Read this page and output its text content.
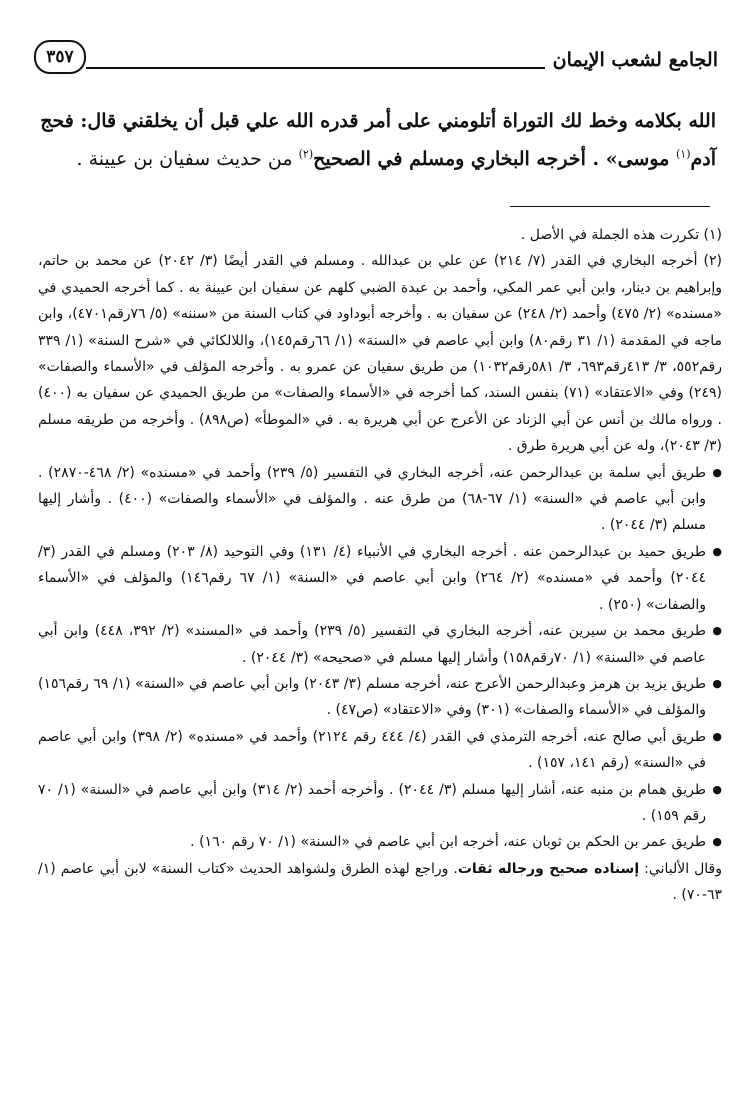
الجامع لشعب الإيمان
٣٥٧
الله بكلامه وخط لك التوراة أتلومني على أمر قدره الله علي قبل أن يخلقني قال: فحج
آدم$^{(١)}$ موسى» . أخرجه البخاري ومسلم في الصحيح$^{(٢)}$ من حديث سفيان بن عيينة .

(١) تكررت هذه الجملة في الأصل .

(٢) أخرجه البخاري في القدر (٧/ ٢١٤) عن علي بن عبدالله . ومسلم في القدر أيضًا (٣/ ٢٠٤٢) عن محمد بن حاتم، وإبراهيم بن دينار، وابن أبي عمر المكي، وأحمد بن عبدة الضبي كلهم عن سفيان ابن عيينة به . كما أخرجه الحميدي في «مسنده» (٢/ ٤٧٥) وأحمد (٢/ ٢٤٨) عن سفيان به . وأخرجه أبوداود في كتاب السنة من «سننه» (٥/ ٧٦رقم٤٧٠١)، وابن ماجه في المقدمة (١/ ٣١ رقم٨٠) وابن أبي عاصم في «السنة» (١/ ٦٦رقم١٤٥)، واللالكائي في «شرح السنة» (١/ ٣٣٩ رقم٥٥٢، ٣/ ٤١٣رقم٦٩٣، ٣/ ٥٨١رقم١٠٣٢) من طريق سفيان عن عمرو به . وأخرجه المؤلف في «الأسماء والصفات» (٢٤٩) وفي «الاعتقاد» (٧١) بنفس السند، كما أخرجه في «الأسماء والصفات» من طريق الحميدي عن سفيان به (٤٠٠) . ورواه مالك بن أنس عن أبي الزناد عن الأعرج عن أبي هريرة به . في «الموطأ» (ص٨٩٨) . وأخرجه من طريقه مسلم (٣/ ٢٠٤٣)، وله عن أبي هريرة طرق .

● طريق أبي سلمة بن عبدالرحمن عنه، أخرجه البخاري في التفسير (٥/ ٢٣٩) وأحمد في «مسنده» (٢/ ٤٦٨-٢٨٧٠) . وابن أبي عاصم في «السنة» (١/ ٦٧-٦٨) من طرق عنه . والمؤلف في «الأسماء والصفات» (٤٠٠) . وأشار إليها مسلم (٣/ ٢٠٤٤) .
● طريق حميد بن عبدالرحمن عنه . أخرجه البخاري في الأنبياء (٤/ ١٣١) وفي التوحيد (٨/ ٢٠٣) ومسلم في القدر (٣/ ٢٠٤٤) وأحمد في «مسنده» (٢/ ٢٦٤) وابن أبي عاصم في «السنة» (١/ ٦٧ رقم١٤٦) والمؤلف في «الأسماء والصفات» (٢٥٠) .
● طريق محمد بن سيرين عنه، أخرجه البخاري في التفسير (٥/ ٢٣٩) وأحمد في «المسند» (٢/ ٣٩٢، ٤٤٨) وابن أبي عاصم في «السنة» (١/ ٧٠رقم١٥٨) وأشار إليها مسلم في «صحيحه» (٣/ ٢٠٤٤) .
● طريق يزيد بن هرمز وعبدالرحمن الأعرج عنه، أخرجه مسلم (٣/ ٢٠٤٣) وابن أبي عاصم في «السنة» (١/ ٦٩ رقم١٥٦) والمؤلف في «الأسماء والصفات» (٣٠١) وفي «الاعتقاد» (ص٤٧) .
● طريق أبي صالح عنه، أخرجه الترمذي في القدر (٤/ ٤٤٤ رقم ٢١٢٤) وأحمد في «مسنده» (٢/ ٣٩٨) وابن أبي عاصم في «السنة» (رقم ١٤١، ١٥٧) .
● طريق همام بن منبه عنه، أشار إليها مسلم (٣/ ٢٠٤٤) . وأخرجه أحمد (٢/ ٣١٤) وابن أبي عاصم في «السنة» (١/ ٧٠ رقم ١٥٩) .
● طريق عمر بن الحكم بن ثوبان عنه، أخرجه ابن أبي عاصم في «السنة» (١/ ٧٠ رقم ١٦٠) .

وقال الألباني: إسناده صحيح ورجاله ثقات. وراجع لهذه الطرق ولشواهد الحديث «كتاب السنة» لابن أبي عاصم (١/ ٦٣-٧٠) .
